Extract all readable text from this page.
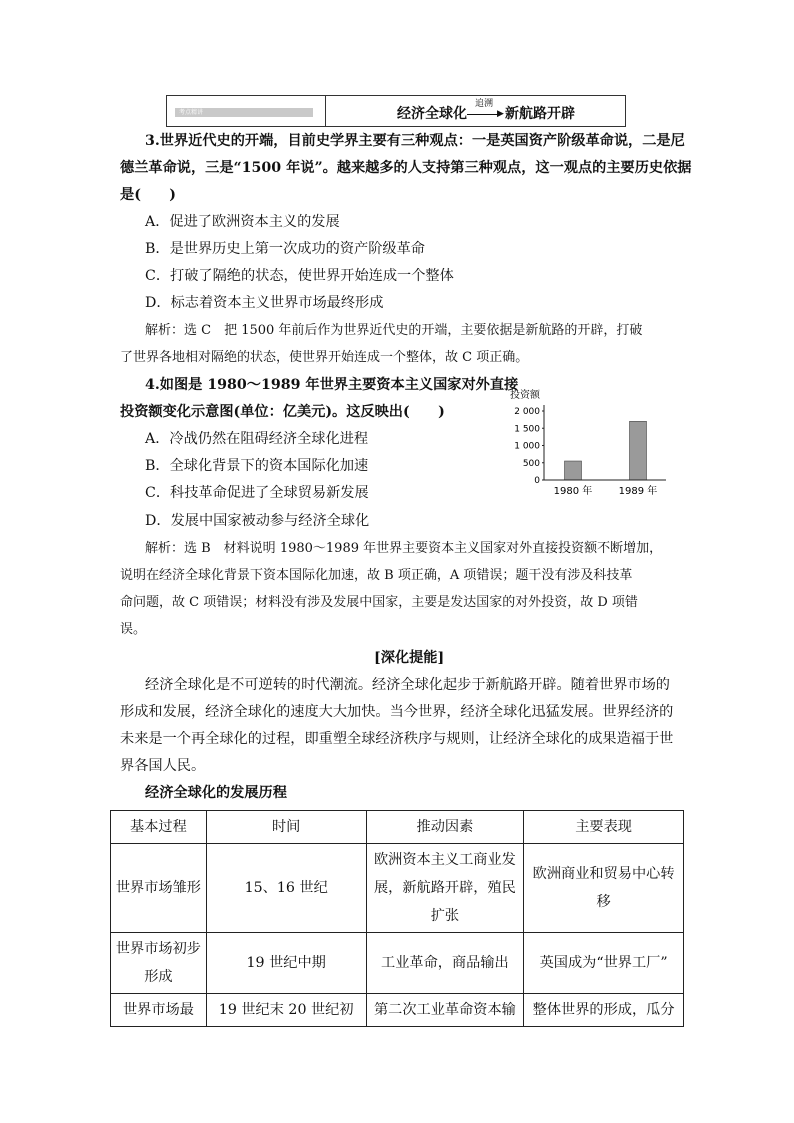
考点精讲	经济全球化
追溯
▶ 新航路开辟
3.世界近代史的开端，目前史学界主要有三种观点：一是英国资产阶级革命说，二是尼
德兰革命说，三是“1500 年说”。越来越多的人支持第三种观点，这一观点的主要历史依据
是(　　)
A．促进了欧洲资本主义的发展
B．是世界历史上第一次成功的资产阶级革命
C．打破了隔绝的状态，使世界开始连成一个整体
D．标志着资本主义世界市场最终形成
解析：选 C　把 1500 年前后作为世界近代史的开端，主要依据是新航路的开辟，打破
了世界各地相对隔绝的状态，使世界开始连成一个整体，故 C 项正确。
4.如图是 1980～1989 年世界主要资本主义国家对外直接
投资额变化示意图(单位：亿美元)。这反映出(　　)
A．冷战仍然在阻碍经济全球化进程
B．全球化背景下的资本国际化加速
C．科技革命促进了全球贸易新发展
D．发展中国家被动参与经济全球化
投资额
2 000
1 500
1 000
500
0
1980 年	1989 年
解析：选 B　材料说明 1980～1989 年世界主要资本主义国家对外直接投资额不断增加，
说明在经济全球化背景下资本国际化加速，故 B 项正确，A 项错误；题干没有涉及科技革
命问题，故 C 项错误；材料没有涉及发展中国家，主要是发达国家的对外投资，故 D 项错
误。
[深化提能]
经济全球化是不可逆转的时代潮流。经济全球化起步于新航路开辟。随着世界市场的
形成和发展，经济全球化的速度大大加快。当今世界，经济全球化迅猛发展。世界经济的
未来是一个再全球化的过程，即重塑全球经济秩序与规则，让经济全球化的成果造福于世
界各国人民。
经济全球化的发展历程
基本过程	时间	推动因素	主要表现
世界市场雏形	15、16 世纪	欧洲资本主义工商业发展，新航路开辟，殖民扩张	欧洲商业和贸易中心转移
世界市场初步形成	19 世纪中期	工业革命，商品输出	英国成为“世界工厂”
世界市场最	19 世纪末 20 世纪初	第二次工业革命资本输	整体世界的形成，瓜分
